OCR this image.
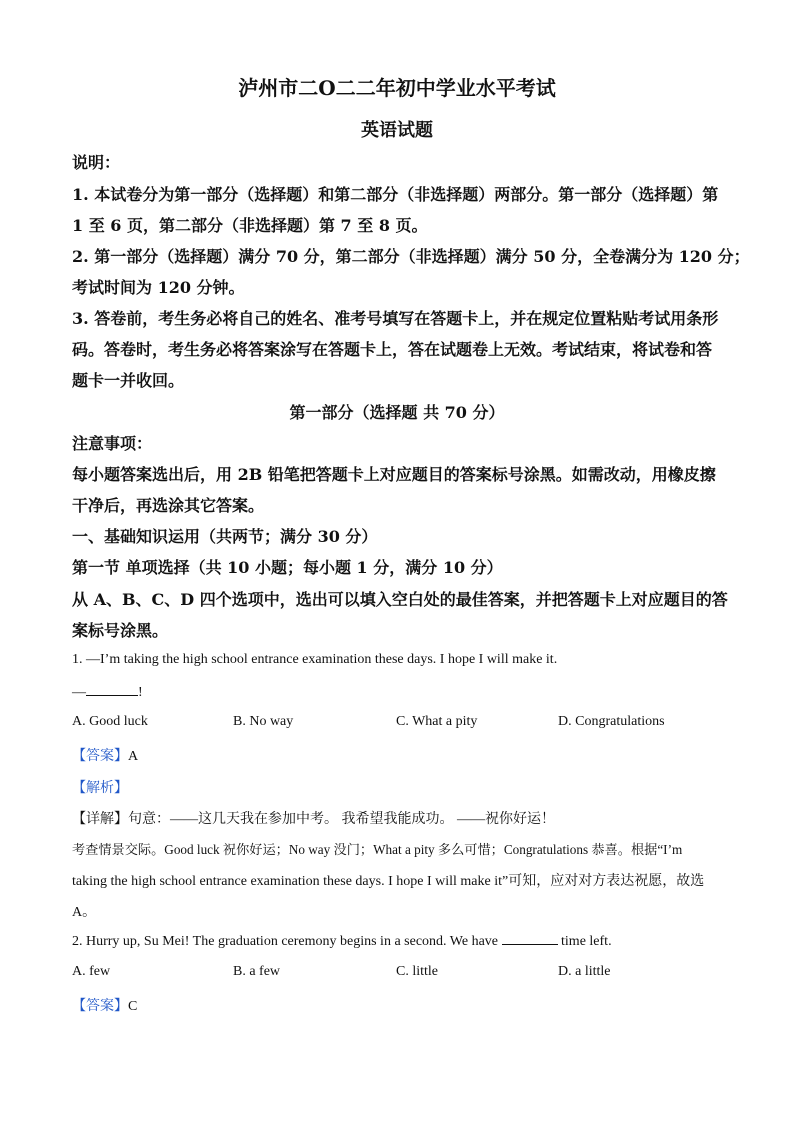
泸州市二O二二年初中学业水平考试
英语试题
说明：
1. 本试卷分为第一部分（选择题）和第二部分（非选择题）两部分。第一部分（选择题）第
1 至 6 页，第二部分（非选择题）第 7 至 8 页。
2. 第一部分（选择题）满分 70 分，第二部分（非选择题）满分 50 分，全卷满分为 120 分；
考试时间为 120 分钟。
3. 答卷前，考生务必将自己的姓名、准考号填写在答题卡上，并在规定位置粘贴考试用条形
码。答卷时，考生务必将答案涂写在答题卡上，答在试题卷上无效。考试结束，将试卷和答
题卡一并收回。
第一部分（选择题 共 70 分）
注意事项：
每小题答案选出后，用 2B 铅笔把答题卡上对应题目的答案标号涂黑。如需改动，用橡皮擦
干净后，再选涂其它答案。
一、基础知识运用（共两节；满分 30 分）
第一节 单项选择（共 10 小题；每小题 1 分，满分 10 分）
从 A、B、C、D 四个选项中，选出可以填入空白处的最佳答案，并把答题卡上对应题目的答
案标号涂黑。
1. —I’m taking the high school entrance examination these days. I hope I will make it.
—	!
A. Good luck	B. No way	C. What a pity	D. Congratulations
【答案】A
【解析】
【详解】句意：——这几天我在参加中考。 我希望我能成功。 ——祝你好运！
考查情景交际。Good luck 祝你好运；No way 没门；What a pity 多么可惜；Congratulations 恭喜。根据“I’m
taking the high school entrance examination these days. I hope I will make it”可知，应对对方表达祝愿，故选
A。
2. Hurry up, Su Mei! The graduation ceremony begins in a second. We have	time left.
A. few	B. a few	C. little	D. a little
【答案】C
